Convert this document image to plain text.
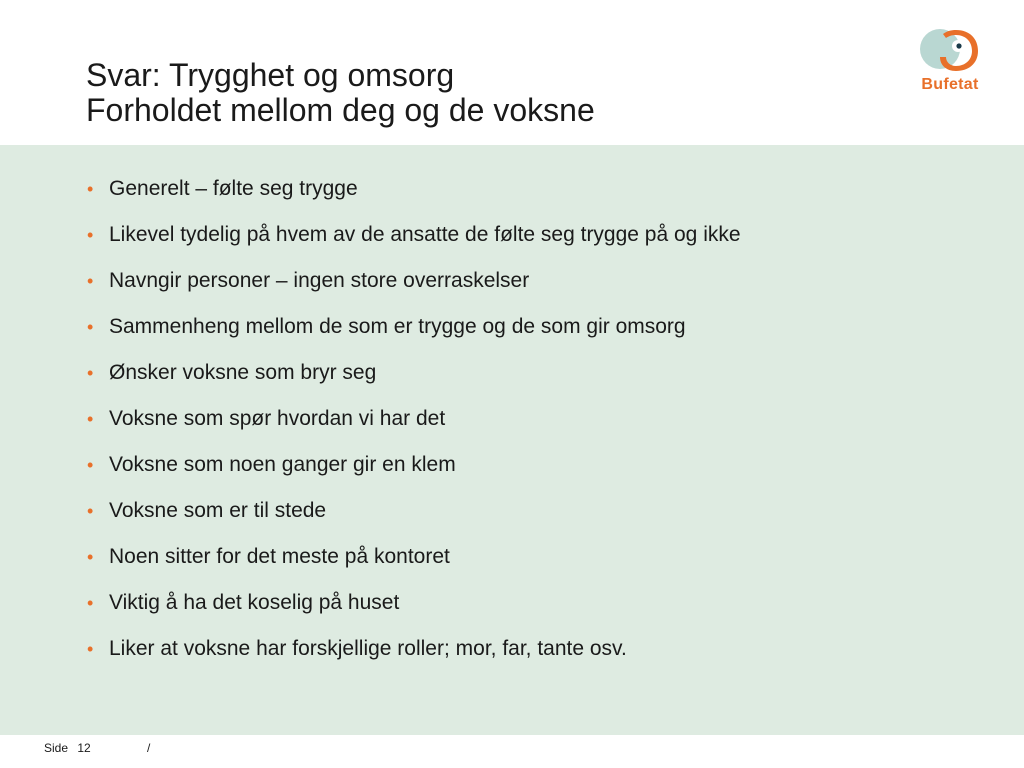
Svar: Trygghet og omsorg
Forholdet mellom deg og de voksne
Bufetat
• Generelt – følte seg trygge
• Likevel tydelig på hvem av de ansatte de følte seg trygge på og ikke
• Navngir personer – ingen store overraskelser
• Sammenheng mellom de som er trygge og de som gir omsorg
• Ønsker voksne som bryr seg
• Voksne som spør hvordan vi har det
• Voksne som noen ganger gir en klem
• Voksne som er til stede
• Noen sitter for det meste på kontoret
• Viktig å ha det koselig på huset
• Liker at voksne har forskjellige roller; mor, far, tante osv.
Side 12	/
